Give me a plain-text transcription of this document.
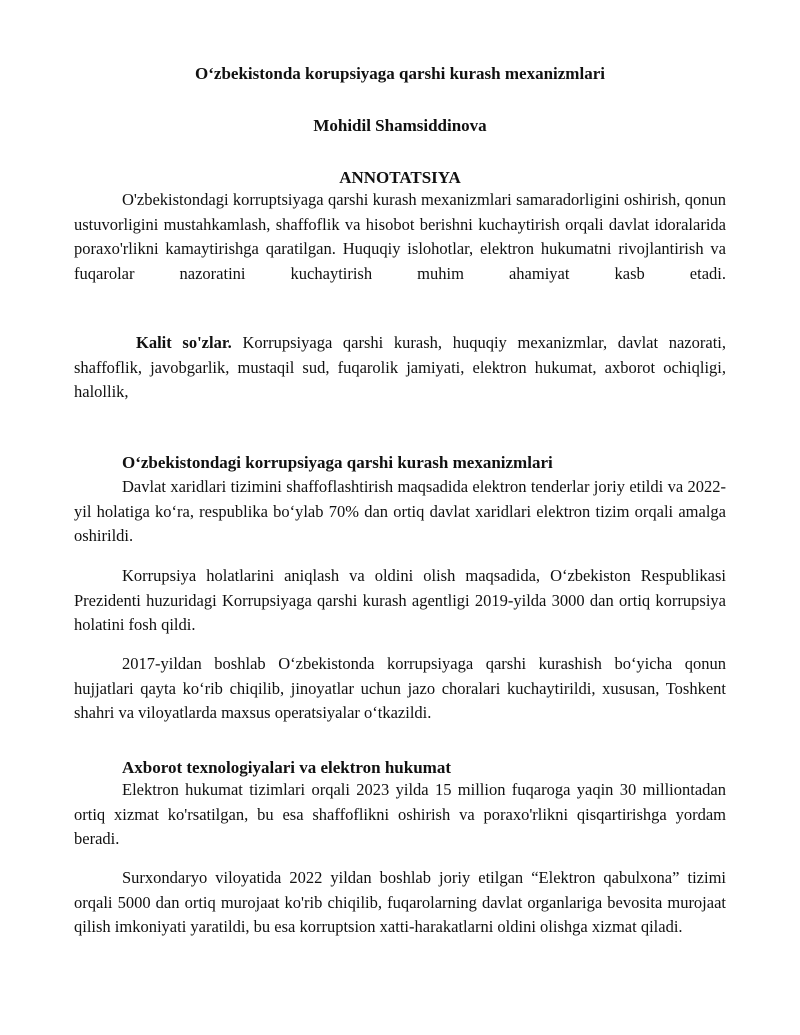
O‘zbekistonda korupsiyaga qarshi kurash mexanizmlari
Mohidil Shamsiddinova
ANNOTATSIYA
O'zbekistondagi korruptsiyaga qarshi kurash mexanizmlari samaradorligini oshirish, qonun ustuvorligini mustahkamlash, shaffoflik va hisobot berishni kuchaytirish orqali davlat idoralarida poraxo'rlikni kamaytirishga qaratilgan. Huquqiy islohotlar, elektron hukumatni rivojlantirish va fuqarolar nazoratini kuchaytirish muhim ahamiyat kasb etadi.
Kalit so'zlar. Korrupsiyaga qarshi kurash, huquqiy mexanizmlar, davlat nazorati, shaffoflik, javobgarlik, mustaqil sud, fuqarolik jamiyati, elektron hukumat, axborot ochiqligi, halollik,
O‘zbekistondagi korrupsiyaga qarshi kurash mexanizmlari
Davlat xaridlari tizimini shaffoflashtirish maqsadida elektron tenderlar joriy etildi va 2022-yil holatiga ko‘ra, respublika bo‘ylab 70% dan ortiq davlat xaridlari elektron tizim orqali amalga oshirildi.
Korrupsiya holatlarini aniqlash va oldini olish maqsadida, O‘zbekiston Respublikasi Prezidenti huzuridagi Korrupsiyaga qarshi kurash agentligi 2019-yilda 3000 dan ortiq korrupsiya holatini fosh qildi.
2017-yildan boshlab O‘zbekistonda korrupsiyaga qarshi kurashish bo‘yicha qonun hujjatlari qayta ko‘rib chiqilib, jinoyatlar uchun jazo choralari kuchaytirildi, xususan, Toshkent shahri va viloyatlarda maxsus operatsiyalar o‘tkazildi.
Axborot texnologiyalari va elektron hukumat
Elektron hukumat tizimlari orqali 2023 yilda 15 million fuqaroga yaqin 30 milliontadan ortiq xizmat ko'rsatilgan, bu esa shaffoflikni oshirish va poraxo'rlikni qisqartirishga yordam beradi.
Surxondaryo viloyatida 2022 yildan boshlab joriy etilgan “Elektron qabulxona” tizimi orqali 5000 dan ortiq murojaat ko'rib chiqilib, fuqarolarning davlat organlariga bevosita murojaat qilish imkoniyati yaratildi, bu esa korruptsion xatti-harakatlarni oldini olishga xizmat qiladi.
